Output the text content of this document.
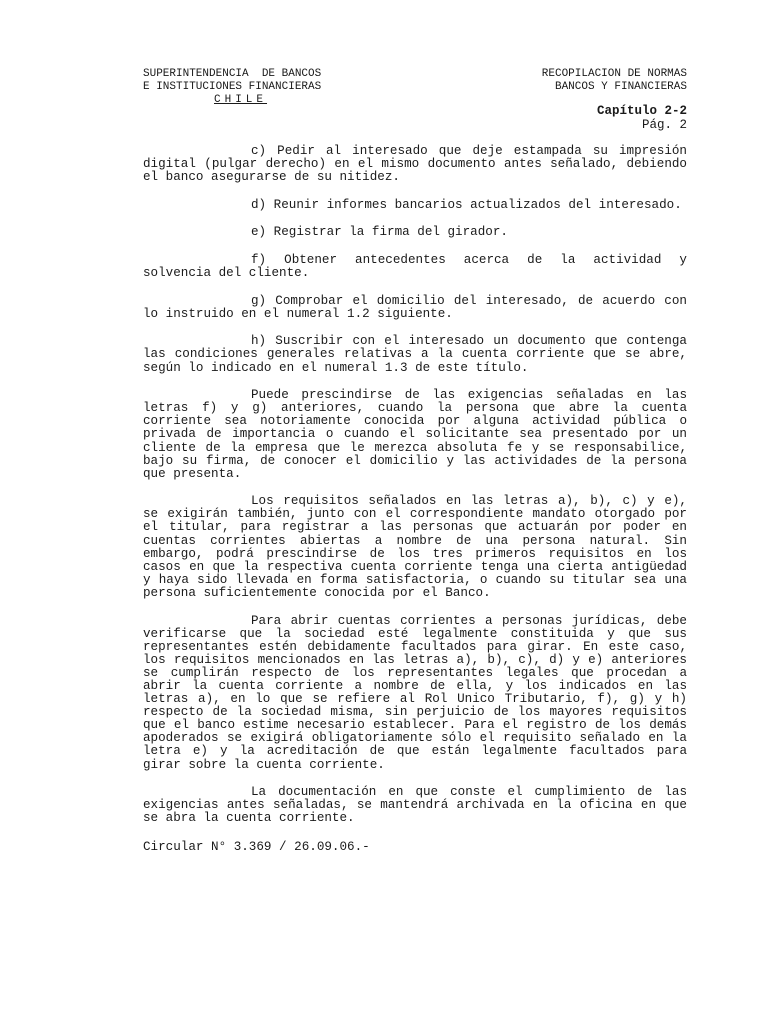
SUPERINTENDENCIA  DE BANCOS
E INSTITUCIONES FINANCIERAS
CHILE
RECOPILACION DE NORMAS
BANCOS Y FINANCIERAS
Capítulo 2-2
Pág. 2

c) Pedir al interesado que deje estampada su impresión digital (pulgar derecho) en el mismo documento antes señalado, debiendo el banco asegurarse de su nitidez.

d) Reunir informes bancarios actualizados del interesado.

e) Registrar la firma del girador.

f) Obtener antecedentes acerca de la actividad y solvencia del cliente.

g) Comprobar el domicilio del interesado, de acuerdo con lo instruido en el numeral 1.2 siguiente.

h) Suscribir con el interesado un documento que contenga las condiciones generales relativas a la cuenta corriente que se abre, según lo indicado en el numeral 1.3 de este título.

Puede prescindirse de las exigencias señaladas en las letras f) y g) anteriores, cuando la persona que abre la cuenta corriente sea notoriamente conocida por alguna actividad pública o privada de importancia o cuando el solicitante sea presentado por un cliente de la empresa que le merezca absoluta fe y se responsabilice, bajo su firma, de conocer el domicilio y las actividades de la persona que presenta.

Los requisitos señalados en las letras a), b), c) y e), se exigirán también, junto con el correspondiente mandato otorgado por el titular, para registrar a las personas que actuarán por poder en cuentas corrientes abiertas a nombre de una persona natural. Sin embargo, podrá prescindirse de los tres primeros requisitos en los casos en que la respectiva cuenta corriente tenga una cierta antigüedad y haya sido llevada en forma satisfactoria, o cuando su titular sea una persona suficientemente conocida por el Banco.

Para abrir cuentas corrientes a personas jurídicas, debe verificarse que la sociedad esté legalmente constituida y que sus representantes estén debidamente facultados para girar. En este caso, los requisitos mencionados en las letras a), b), c), d) y e) anteriores se cumplirán respecto de los representantes legales que procedan a abrir la cuenta corriente a nombre de ella, y los indicados en las letras a), en lo que se refiere al Rol Unico Tributario, f), g) y h) respecto de la sociedad misma, sin perjuicio de los mayores requisitos que el banco estime necesario establecer. Para el registro de los demás apoderados se exigirá obligatoriamente sólo el requisito señalado en la letra e) y la acreditación de que están legalmente facultados para girar sobre la cuenta corriente.

La documentación en que conste el cumplimiento de las exigencias antes señaladas, se mantendrá archivada en la oficina en que se abra la cuenta corriente.

Circular N° 3.369 / 26.09.06.-
